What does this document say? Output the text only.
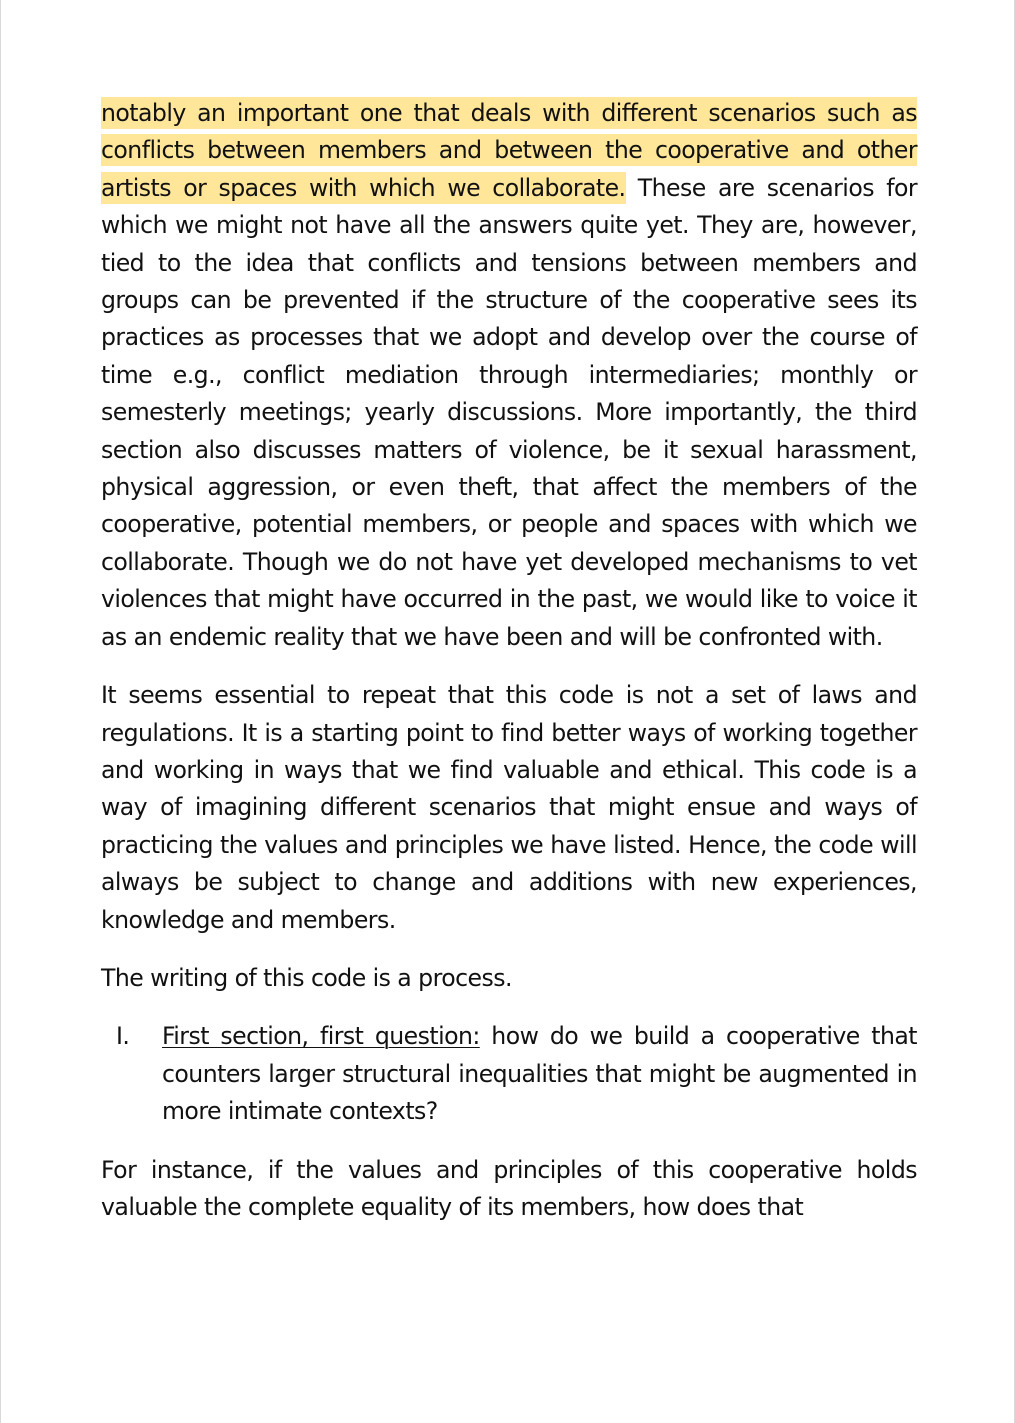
notably an important one that deals with different scenarios such as conflicts between members and between the cooperative and other artists or spaces with which we collaborate. These are scenarios for which we might not have all the answers quite yet. They are, however, tied to the idea that conflicts and tensions between members and groups can be prevented if the structure of the cooperative sees its practices as processes that we adopt and develop over the course of time e.g., conflict mediation through intermediaries; monthly or semesterly meetings; yearly discussions. More importantly, the third section also discusses matters of violence, be it sexual harassment, physical aggression, or even theft, that affect the members of the cooperative, potential members, or people and spaces with which we collaborate. Though we do not have yet developed mechanisms to vet violences that might have occurred in the past, we would like to voice it as an endemic reality that we have been and will be confronted with.

It seems essential to repeat that this code is not a set of laws and regulations. It is a starting point to find better ways of working together and working in ways that we find valuable and ethical. This code is a way of imagining different scenarios that might ensue and ways of practicing the values and principles we have listed. Hence, the code will always be subject to change and additions with new experiences, knowledge and members.

The writing of this code is a process.

I. First section, first question: how do we build a cooperative that counters larger structural inequalities that might be augmented in more intimate contexts?

For instance, if the values and principles of this cooperative holds valuable the complete equality of its members, how does that
